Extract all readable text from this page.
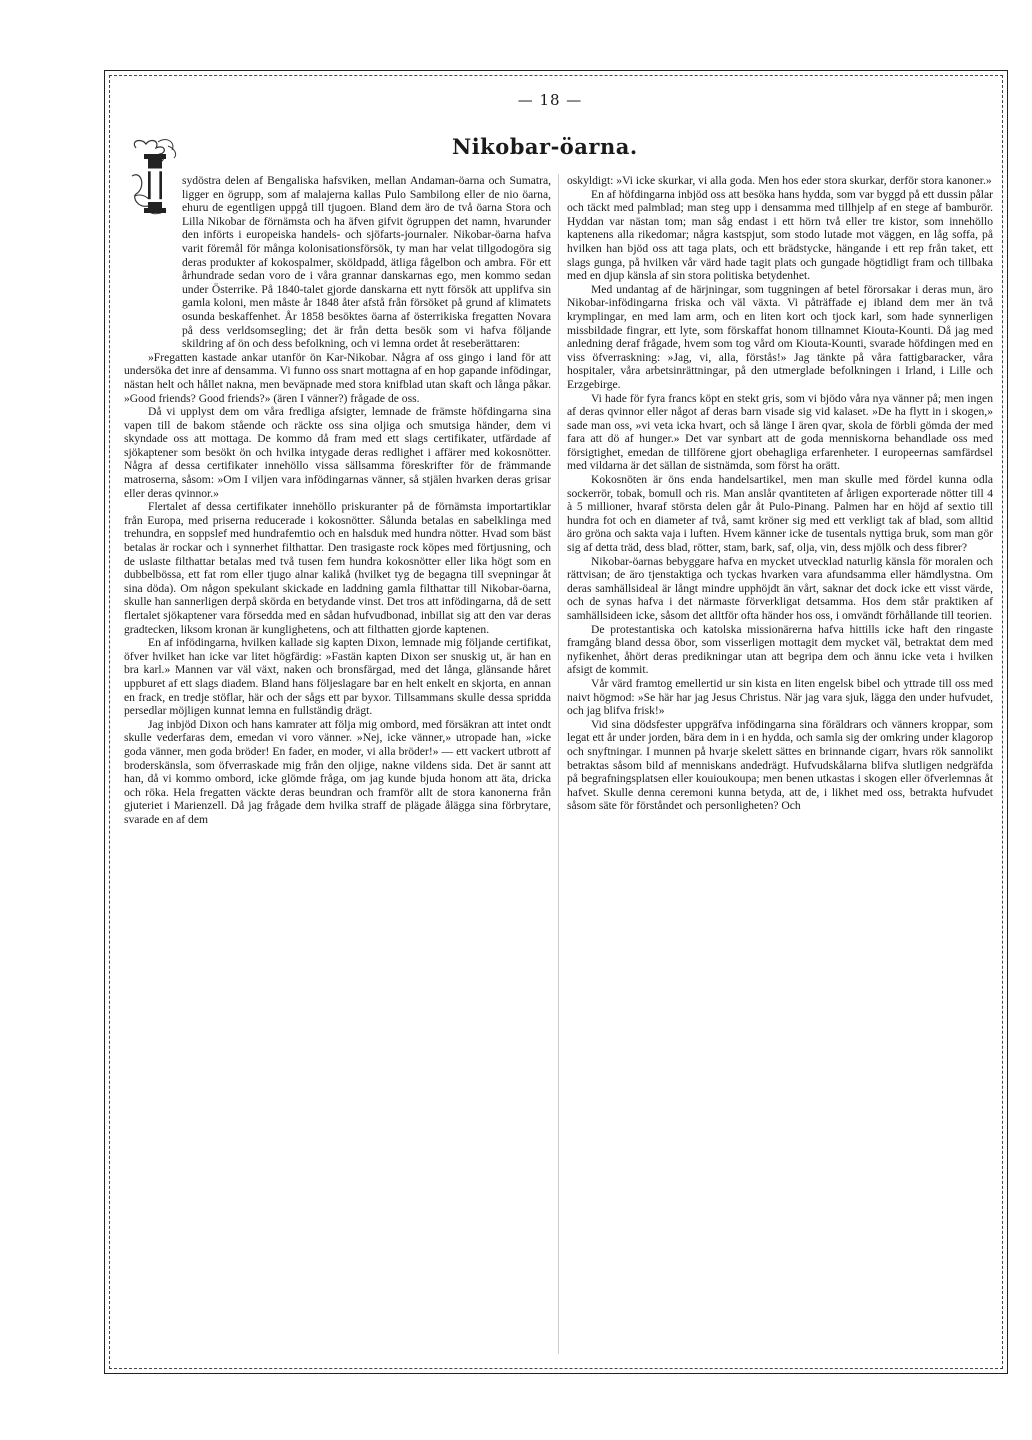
— 18 —
I
Nikobar-öarna.

sydöstra delen af Bengaliska hafsviken, mellan Andaman-öarna och Sumatra, ligger en ögrupp, som af malajerna kallas Pulo Sambilong eller de nio öarna, ehuru de egentligen uppgå till tjugoen. Bland dem äro de två öarna Stora och Lilla Nikobar de förnämsta och ha äfven gifvit ögruppen det namn, hvarunder den införts i europeiska handels- och sjöfarts-journaler. Nikobar-öarna hafva varit föremål för många kolonisationsförsök, ty man har velat tillgodogöra sig deras produkter af kokospalmer, sköldpadd, ätliga fågelbon och ambra. För ett århundrade sedan voro de i våra grannar danskarnas ego, men kommo sedan under Österrike. På 1840-talet gjorde danskarna ett nytt försök att upplifva sin gamla koloni, men måste år 1848 åter afstå från försöket på grund af klimatets osunda beskaffenhet. År 1858 besöktes öarna af österrikiska fregatten Novara på dess verldsomsegling; det är från detta besök som vi hafva följande skildring af ön och dess befolkning, och vi lemna ordet åt reseberättaren:

»Fregatten kastade ankar utanför ön Kar-Nikobar. Några af oss gingo i land för att undersöka det inre af densamma. Vi funno oss snart mottagna af en hop gapande infödingar, nästan helt och hållet nakna, men beväpnade med stora knifblad utan skaft och långa påkar. »Good friends? Good friends?» (ären I vänner?) frågade de oss.

Då vi upplyst dem om våra fredliga afsigter, lemnade de främste höfdingarna sina vapen till de bakom stående och räckte oss sina oljiga och smutsiga händer, dem vi skyndade oss att mottaga. De kommo då fram med ett slags certifikater, utfärdade af sjökaptener som besökt ön och hvilka intygade deras redlighet i affärer med kokosnötter. Några af dessa certifikater innehöllo vissa sällsamma föreskrifter för de främmande matroserna, såsom: »Om I viljen vara infödingarnas vänner, så stjälen hvarken deras grisar eller deras qvinnor.»

Flertalet af dessa certifikater innehöllo priskuranter på de förnämsta importartiklar från Europa, med priserna reducerade i kokosnötter. Sålunda betalas en sabelklinga med trehundra, en soppslef med hundrafemtio och en halsduk med hundra nötter. Hvad som bäst betalas är rockar och i synnerhet filthattar. Den trasigaste rock köpes med förtjusning, och de uslaste filthattar betalas med två tusen fem hundra kokosnötter eller lika högt som en dubbelbössa, ett fat rom eller tjugo alnar kalikå (hvilket tyg de begagna till svepningar åt sina döda). Om någon spekulant skickade en laddning gamla filthattar till Nikobar-öarna, skulle han sannerligen derpå skörda en betydande vinst. Det tros att infödingarna, då de sett flertalet sjökaptener vara försedda med en sådan hufvudbonad, inbillat sig att den var deras gradtecken, liksom kronan är kunglighetens, och att filthatten gjorde kaptenen.

En af infödingarna, hvilken kallade sig kapten Dixon, lemnade mig följande certifikat, öfver hvilket han icke var litet högfärdig: »Fastän kapten Dixon ser snuskig ut, är han en bra karl.» Mannen var väl växt, naken och bronsfärgad, med det långa, glänsande håret uppburet af ett slags diadem. Bland hans följeslagare bar en helt enkelt en skjorta, en annan en frack, en tredje stöflar, här och der sågs ett par byxor. Tillsammans skulle dessa spridda persedlar möjligen kunnat lemna en fullständig drägt.

Jag inbjöd Dixon och hans kamrater att följa mig ombord, med försäkran att intet ondt skulle vederfaras dem, emedan vi voro vänner. »Nej, icke vänner,» utropade han, »icke goda vänner, men goda bröder! En fader, en moder, vi alla bröder!» — ett vackert utbrott af broderskänsla, som öfverraskade mig från den oljige, nakne vildens sida. Det är sannt att han, då vi kommo ombord, icke glömde fråga, om jag kunde bjuda honom att äta, dricka och röka. Hela fregatten väckte deras beundran och framför allt de stora kanonerna från gjuteriet i Marienzell. Då jag frågade dem hvilka straff de plägade ålägga sina förbrytare, svarade en af dem

oskyldigt: »Vi icke skurkar, vi alla goda. Men hos eder stora skurkar, derför stora kanoner.»

En af höfdingarna inbjöd oss att besöka hans hydda, som var byggd på ett dussin pålar och täckt med palmblad; man steg upp i densamma med tillhjelp af en stege af bamburör. Hyddan var nästan tom; man såg endast i ett hörn två eller tre kistor, som innehöllo kaptenens alla rikedomar; några kastspjut, som stodo lutade mot väggen, en låg soffa, på hvilken han bjöd oss att taga plats, och ett brädstycke, hängande i ett rep från taket, ett slags gunga, på hvilken vår värd hade tagit plats och gungade högtidligt fram och tillbaka med en djup känsla af sin stora politiska betydenhet.

Med undantag af de härjningar, som tuggningen af betel förorsakar i deras mun, äro Nikobar-infödingarna friska och väl växta. Vi påträffade ej ibland dem mer än två krymplingar, en med lam arm, och en liten kort och tjock karl, som hade synnerligen missbildade fingrar, ett lyte, som förskaffat honom tillnamnet Kiouta-Kounti. Då jag med anledning deraf frågade, hvem som tog vård om Kiouta-Kounti, svarade höfdingen med en viss öfverraskning: »Jag, vi, alla, förstås!» Jag tänkte på våra fattigbaracker, våra hospitaler, våra arbetsinrättningar, på den utmerglade befolkningen i Irland, i Lille och Erzgebirge.

Vi hade för fyra francs köpt en stekt gris, som vi bjödo våra nya vänner på; men ingen af deras qvinnor eller något af deras barn visade sig vid kalaset. »De ha flytt in i skogen,» sade man oss, »vi veta icka hvart, och så länge I ären qvar, skola de förbli gömda der med fara att dö af hunger.» Det var synbart att de goda menniskorna behandlade oss med försigtighet, emedan de tillförene gjort obehagliga erfarenheter. I europeernas samfärdsel med vildarna är det sällan de sistnämda, som först ha orätt.

Kokosnöten är öns enda handelsartikel, men man skulle med fördel kunna odla sockerrör, tobak, bomull och ris. Man anslår qvantiteten af årligen exporterade nötter till 4 à 5 millioner, hvaraf största delen går åt Pulo-Pinang. Palmen har en höjd af sextio till hundra fot och en diameter af två, samt kröner sig med ett verkligt tak af blad, som alltid äro gröna och sakta vaja i luften. Hvem känner icke de tusentals nyttiga bruk, som man gör sig af detta träd, dess blad, rötter, stam, bark, saf, olja, vin, dess mjölk och dess fibrer?

Nikobar-öarnas bebyggare hafva en mycket utvecklad naturlig känsla för moralen och rättvisan; de äro tjenstaktiga och tyckas hvarken vara afundsamma eller hämdlystna. Om deras samhällsideal är långt mindre upphöjdt än vårt, saknar det dock icke ett visst värde, och de synas hafva i det närmaste förverkligat detsamma. Hos dem står praktiken af samhällsideen icke, såsom det alltför ofta händer hos oss, i omvändt förhållande till teorien.

De protestantiska och katolska missionärerna hafva hittills icke haft den ringaste framgång bland dessa öbor, som visserligen mottagit dem mycket väl, betraktat dem med nyfikenhet, åhört deras predikningar utan att begripa dem och ännu icke veta i hvilken afsigt de kommit.

Vår värd framtog emellertid ur sin kista en liten engelsk bibel och yttrade till oss med naivt högmod: »Se här har jag Jesus Christus. När jag vara sjuk, lägga den under hufvudet, och jag blifva frisk!»

Vid sina dödsfester uppgräfva infödingarna sina föräldrars och vänners kroppar, som legat ett år under jorden, bära dem in i en hydda, och samla sig der omkring under klagorop och snyftningar. I munnen på hvarje skelett sättes en brinnande cigarr, hvars rök sannolikt betraktas såsom bild af menniskans andedrägt. Hufvudskålarna blifva slutligen nedgräfda på begrafningsplatsen eller kouioukoupa; men benen utkastas i skogen eller öfverlemnas åt hafvet. Skulle denna ceremoni kunna betyda, att de, i likhet med oss, betrakta hufvudet såsom säte för förståndet och personligheten? Och
